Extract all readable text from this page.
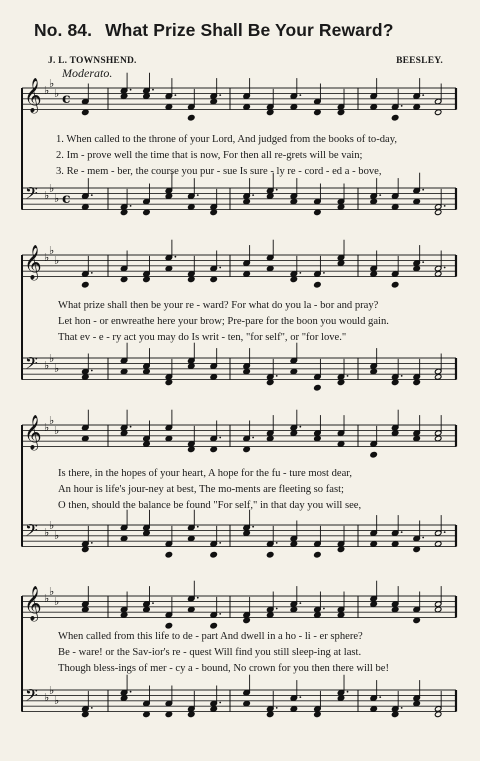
No. 84. What Prize Shall Be Your Reward?
J. L. TOWNSHEND.	BEESLEY.
Moderato.
𝄞
𝄢
♭
♭
♭
♭
♭
♭
c
c
𝄞
𝄢
♭
♭
♭
♭
♭
♭
𝄞
𝄢
♭
♭
♭
♭
♭
♭
𝄞
𝄢
♭
♭
♭
♭
♭
♭
1. When called to the throne of your Lord, And judged from the books of to-day,
2. Im - prove well the time that is now, For then all re-grets will be vain;
3. Re - mem - ber, the course you pur - sue Is sure - ly re - cord - ed a - bove,
What prize shall then be your re - ward? For what do you la - bor and pray?
Let hon - or enwreathe here your brow; Pre-pare for the boon you would gain.
That ev - e - ry act you may do Is writ - ten, "for self", or "for love."
Is there, in the hopes of your heart, A hope for the fu - ture most dear,
An hour is life's jour-ney at best, The mo-ments are fleeting so fast;
O then, should the balance be found "For self," in that day you will see,
When called from this life to de - part And dwell in a ho - li - er sphere?
Be - ware! or the Sav-ior's re - quest Will find you still sleep-ing at last.
Though bless-ings of mer - cy a - bound, No crown for you then there will be!
